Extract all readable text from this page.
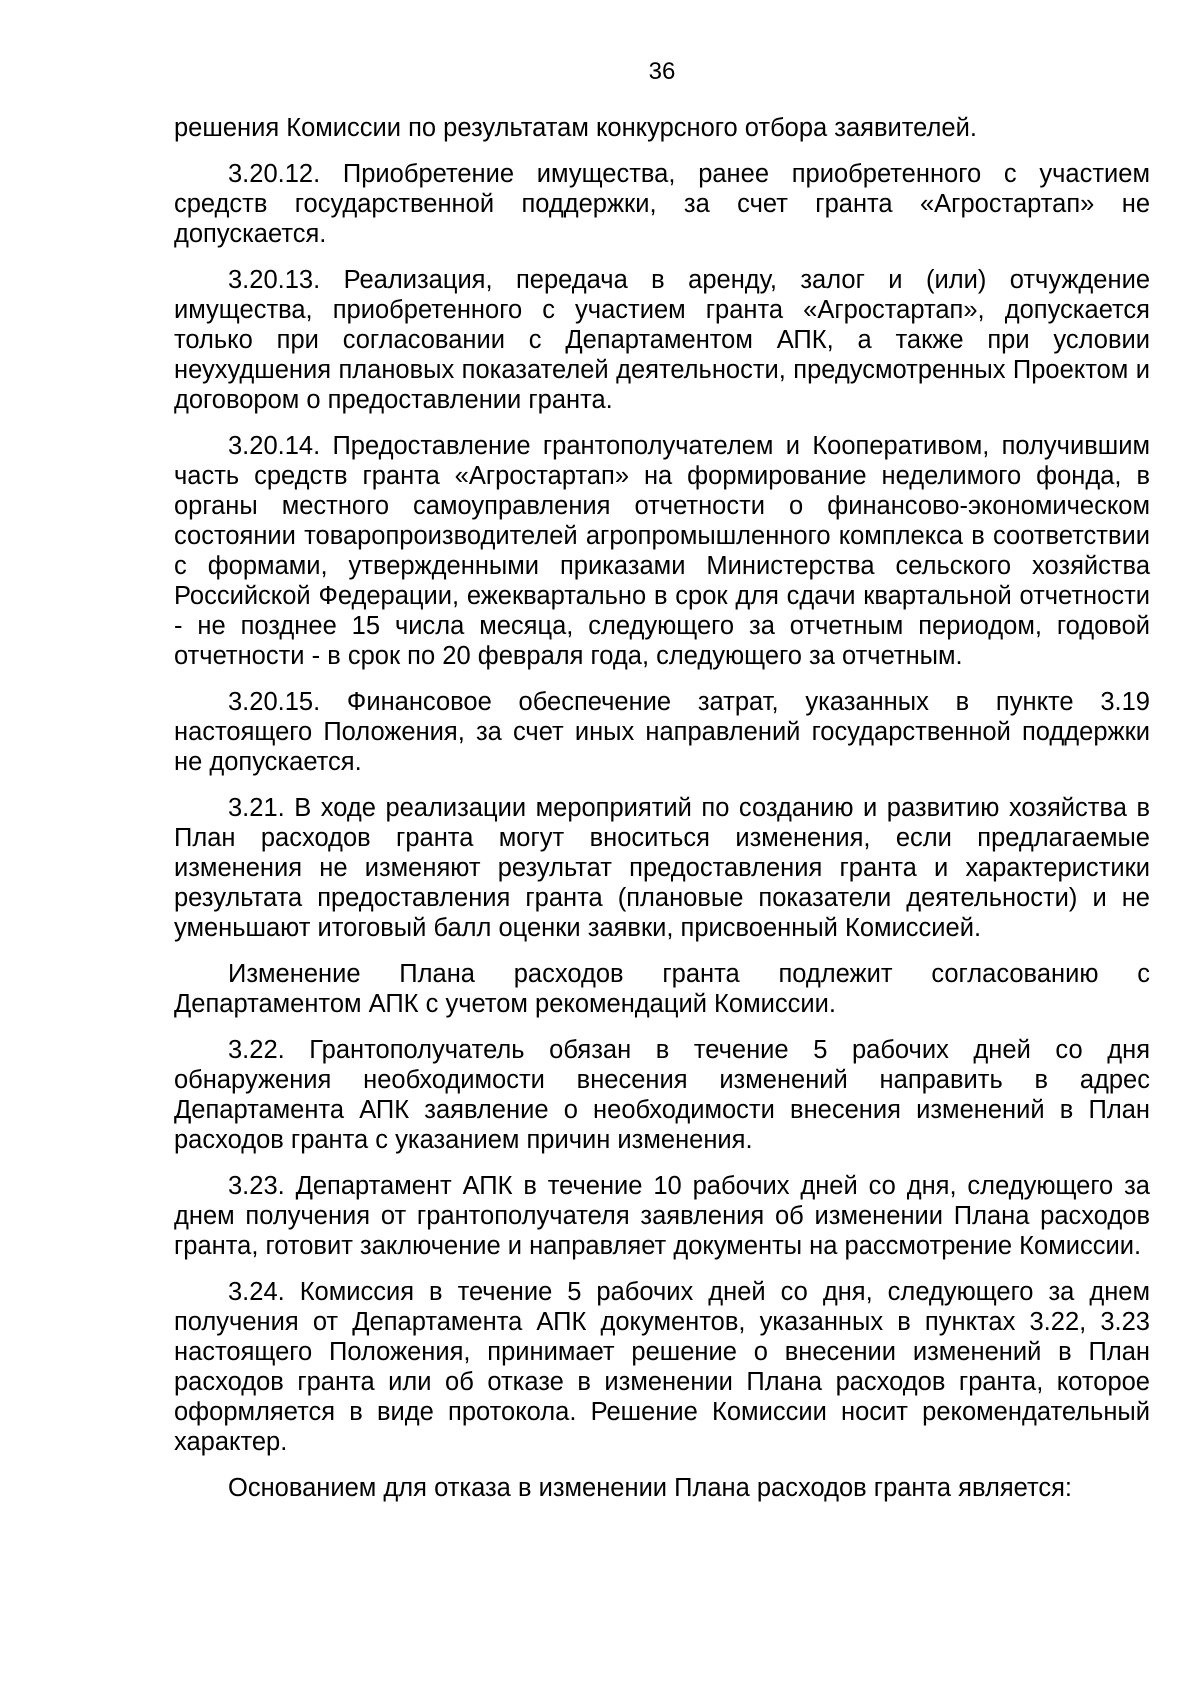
36

решения Комиссии по результатам конкурсного отбора заявителей.

3.20.12. Приобретение имущества, ранее приобретенного с участием средств государственной поддержки, за счет гранта «Агростартап» не допускается.

3.20.13. Реализация, передача в аренду, залог и (или) отчуждение имущества, приобретенного с участием гранта «Агростартап», допускается только при согласовании с Департаментом АПК, а также при условии неухудшения плановых показателей деятельности, предусмотренных Проектом и договором о предоставлении гранта.

3.20.14. Предоставление грантополучателем и Кооперативом, получившим часть средств гранта «Агростартап» на формирование неделимого фонда, в органы местного самоуправления отчетности о финансово-экономическом состоянии товаропроизводителей агропромышленного комплекса в соответствии с формами, утвержденными приказами Министерства сельского хозяйства Российской Федерации, ежеквартально в срок для сдачи квартальной отчетности - не позднее 15 числа месяца, следующего за отчетным периодом, годовой отчетности - в срок по 20 февраля года, следующего за отчетным.

3.20.15. Финансовое обеспечение затрат, указанных в пункте 3.19 настоящего Положения, за счет иных направлений государственной поддержки не допускается.

3.21. В ходе реализации мероприятий по созданию и развитию хозяйства в План расходов гранта могут вноситься изменения, если предлагаемые изменения не изменяют результат предоставления гранта и характеристики результата предоставления гранта (плановые показатели деятельности) и не уменьшают итоговый балл оценки заявки, присвоенный Комиссией.

Изменение Плана расходов гранта подлежит согласованию с Департаментом АПК с учетом рекомендаций Комиссии.

3.22. Грантополучатель обязан в течение 5 рабочих дней со дня обнаружения необходимости внесения изменений направить в адрес Департамента АПК заявление о необходимости внесения изменений в План расходов гранта с указанием причин изменения.

3.23. Департамент АПК в течение 10 рабочих дней со дня, следующего за днем получения от грантополучателя заявления об изменении Плана расходов гранта, готовит заключение и направляет документы на рассмотрение Комиссии.

3.24. Комиссия в течение 5 рабочих дней со дня, следующего за днем получения от Департамента АПК документов, указанных в пунктах 3.22, 3.23 настоящего Положения, принимает решение о внесении изменений в План расходов гранта или об отказе в изменении Плана расходов гранта, которое оформляется в виде протокола. Решение Комиссии носит рекомендательный характер.

Основанием для отказа в изменении Плана расходов гранта является:
